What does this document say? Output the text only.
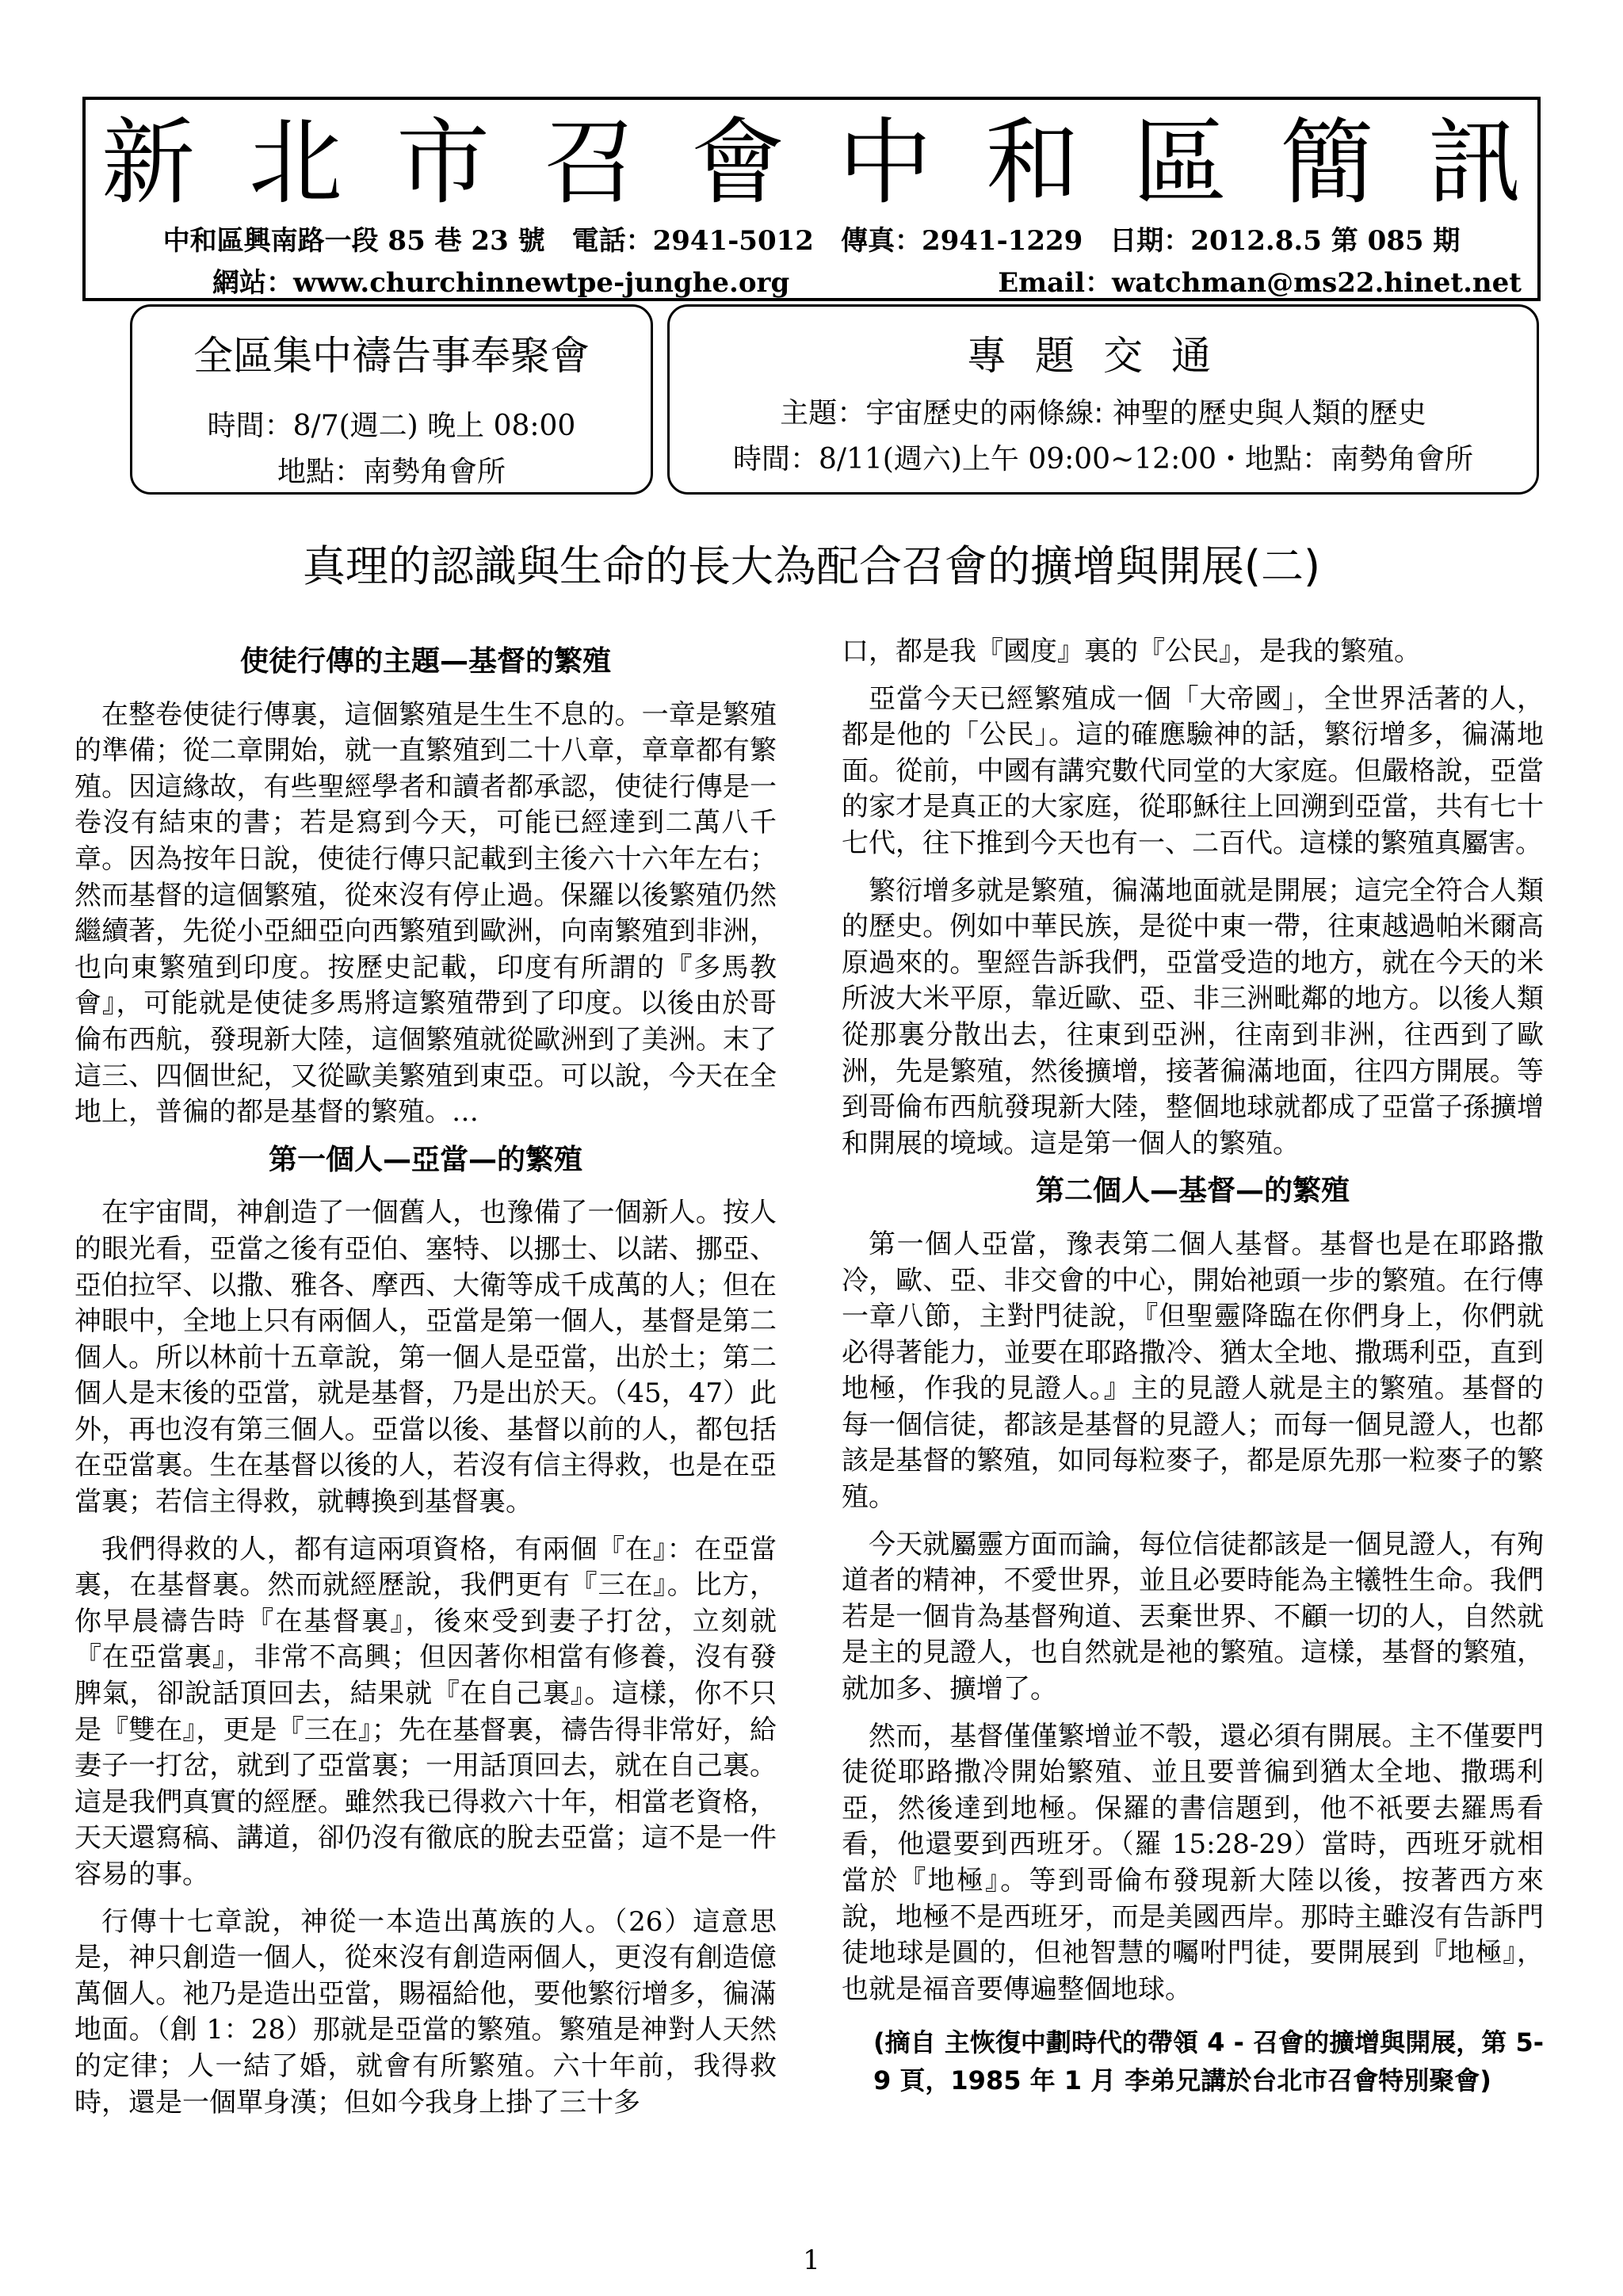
新 北 市 召 會 中 和 區 簡 訊
中和區興南路一段 85 巷 23 號　電話：2941-5012　傳真：2941-1229　日期：2012.8.5 第 085 期
網站：www.churchinnewtpe-junghe.org	Email：watchman@ms22.hinet.net
全區集中禱告事奉聚會
時間：8/7(週二) 晚上 08:00
地點：南勢角會所
專題交通
主題：宇宙歷史的兩條線: 神聖的歷史與人類的歷史
時間：8/11(週六)上午 09:00~12:00・地點：南勢角會所
真理的認識與生命的長大為配合召會的擴增與開展(二)
使徒行傳的主題—基督的繁殖

在整卷使徒行傳裏，這個繁殖是生生不息的。一章是繁殖的準備；從二章開始，就一直繁殖到二十八章，章章都有繁殖。因這緣故，有些聖經學者和讀者都承認，使徒行傳是一卷沒有結束的書；若是寫到今天，可能已經達到二萬八千章。因為按年日說，使徒行傳只記載到主後六十六年左右；然而基督的這個繁殖，從來沒有停止過。保羅以後繁殖仍然繼續著，先從小亞細亞向西繁殖到歐洲，向南繁殖到非洲，也向東繁殖到印度。按歷史記載，印度有所謂的『多馬教會』，可能就是使徒多馬將這繁殖帶到了印度。以後由於哥倫布西航，發現新大陸，這個繁殖就從歐洲到了美洲。末了這三、四個世紀，又從歐美繁殖到東亞。可以說，今天在全地上，普徧的都是基督的繁殖。…

第一個人—亞當—的繁殖

在宇宙間，神創造了一個舊人，也豫備了一個新人。按人的眼光看，亞當之後有亞伯、塞特、以挪士、以諾、挪亞、亞伯拉罕、以撒、雅各、摩西、大衛等成千成萬的人；但在神眼中，全地上只有兩個人，亞當是第一個人，基督是第二個人。所以林前十五章說，第一個人是亞當，出於土；第二個人是末後的亞當，就是基督，乃是出於天。（45，47）此外，再也沒有第三個人。亞當以後、基督以前的人，都包括在亞當裏。生在基督以後的人，若沒有信主得救，也是在亞當裏；若信主得救，就轉換到基督裏。

我們得救的人，都有這兩項資格，有兩個『在』：在亞當裏，在基督裏。然而就經歷說，我們更有『三在』。比方，你早晨禱告時『在基督裏』，後來受到妻子打岔，立刻就『在亞當裏』，非常不高興；但因著你相當有修養，沒有發脾氣，卻說話頂回去，結果就『在自己裏』。這樣，你不只是『雙在』，更是『三在』；先在基督裏，禱告得非常好，給妻子一打岔，就到了亞當裏；一用話頂回去，就在自己裏。這是我們真實的經歷。雖然我已得救六十年，相當老資格，天天還寫稿、講道，卻仍沒有徹底的脫去亞當；這不是一件容易的事。

行傳十七章說，神從一本造出萬族的人。（26）這意思是，神只創造一個人，從來沒有創造兩個人，更沒有創造億萬個人。祂乃是造出亞當，賜福給他，要他繁衍增多，徧滿地面。（創 1：28）那就是亞當的繁殖。繁殖是神對人天然的定律；人一結了婚，就會有所繁殖。六十年前，我得救時，還是一個單身漢；但如今我身上掛了三十多

口，都是我『國度』裏的『公民』，是我的繁殖。

亞當今天已經繁殖成一個「大帝國」，全世界活著的人，都是他的「公民」。這的確應驗神的話，繁衍增多，徧滿地面。從前，中國有講究數代同堂的大家庭。但嚴格說，亞當的家才是真正的大家庭，從耶穌往上回溯到亞當，共有七十七代，往下推到今天也有一、二百代。這樣的繁殖真屬害。

繁衍增多就是繁殖，徧滿地面就是開展；這完全符合人類的歷史。例如中華民族，是從中東一帶，往東越過帕米爾高原過來的。聖經告訴我們，亞當受造的地方，就在今天的米所波大米平原，靠近歐、亞、非三洲毗鄰的地方。以後人類從那裏分散出去，往東到亞洲，往南到非洲，往西到了歐洲，先是繁殖，然後擴增，接著徧滿地面，往四方開展。等到哥倫布西航發現新大陸，整個地球就都成了亞當子孫擴增和開展的境域。這是第一個人的繁殖。

第二個人—基督—的繁殖

第一個人亞當，豫表第二個人基督。基督也是在耶路撒冷，歐、亞、非交會的中心，開始祂頭一步的繁殖。在行傳一章八節，主對門徒說，『但聖靈降臨在你們身上，你們就必得著能力，並要在耶路撒冷、猶太全地、撒瑪利亞，直到地極，作我的見證人。』主的見證人就是主的繁殖。基督的每一個信徒，都該是基督的見證人；而每一個見證人，也都該是基督的繁殖，如同每粒麥子，都是原先那一粒麥子的繁殖。

今天就屬靈方面而論，每位信徒都該是一個見證人，有殉道者的精神，不愛世界，並且必要時能為主犧牲生命。我們若是一個肯為基督殉道、丟棄世界、不顧一切的人，自然就是主的見證人，也自然就是祂的繁殖。這樣，基督的繁殖，就加多、擴增了。

然而，基督僅僅繁增並不彀，還必須有開展。主不僅要門徒從耶路撒冷開始繁殖、並且要普徧到猶太全地、撒瑪利亞，然後達到地極。保羅的書信題到，他不祇要去羅馬看看，他還要到西班牙。（羅 15:28-29）當時，西班牙就相當於『地極』。等到哥倫布發現新大陸以後，按著西方來說，地極不是西班牙，而是美國西岸。那時主雖沒有告訴門徒地球是圓的，但祂智慧的囑咐門徒，要開展到『地極』，也就是福音要傳遍整個地球。

(摘自 主恢復中劃時代的帶領 4 - 召會的擴增與開展，第 5-9 頁，1985 年 1 月 李弟兄講於台北市召會特別聚會)
1
